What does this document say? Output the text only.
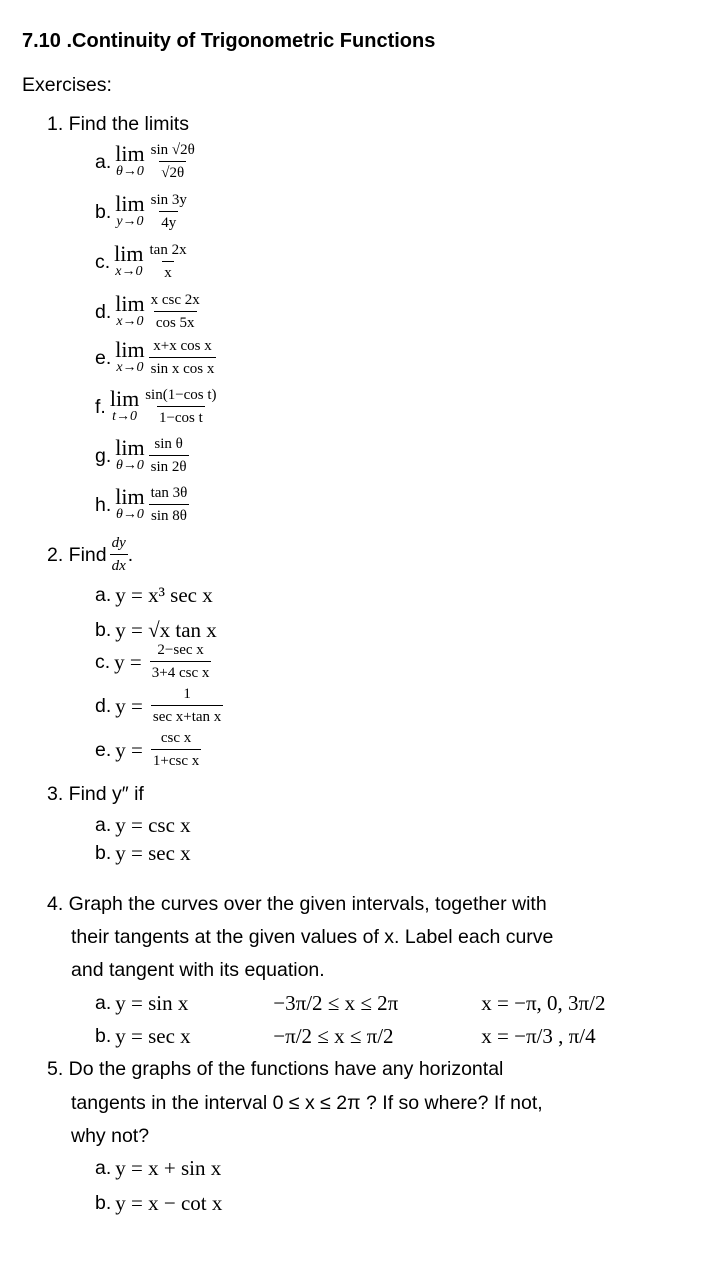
7.10 .Continuity of Trigonometric Functions
Exercises:
1. Find the limits
a. lim
$\theta\to 0 \frac{\sin √2\theta}{√2\theta}$
b. lim
$y\to 0 \frac{\sin 3y}{4y}$
c. lim
$x\to 0 \frac{\tan 2x}{x}$
d. lim
$x\to 0 \frac{\text{x csc 2x}}{\cos 5x}$
e. lim
$x\to 0 \frac{\text{x+x cos x}}{\text{sin x cos x}}$
f. lim
$t\to 0 \frac{\text{sin(1−cos t)}}{\text{1−cos t}}$
g. lim
$\theta\to 0 \frac{\text{sin θ}}{\sin 2\theta}$
h. lim
$\theta\to 0 \frac{\tan 3\theta}{\sin 8\theta}$
2. Find $\frac{dy}{dx}$ .
a. y = x³ sec x
b. y = √x tan x
c. $y = \frac{\text{2−sec x}}{\text{3+4 csc x}}$
d. $y = \frac{1}{\text{sec x+tan x}}$
e. $y = \frac{\text{csc x}}{\text{1+csc x}}$
3. Find y″ if
a. y = csc x
b. y = sec x
4. Graph the curves over the given intervals, together with
their tangents at the given values of x. Label each curve
and tangent with its equation.
a. y = sin x	−3π/2 ≤ x ≤ 2π	x = −π, 0, 3π/2
b. y = sec x	−π/2 ≤ x ≤ π/2	x = −π/3 , π/4
5. Do the graphs of the functions have any horizontal
tangents in the interval 0 ≤ x ≤ 2π ? If so where? If not,
why not?
a. y = x + sin x
b. y = x − cot x
